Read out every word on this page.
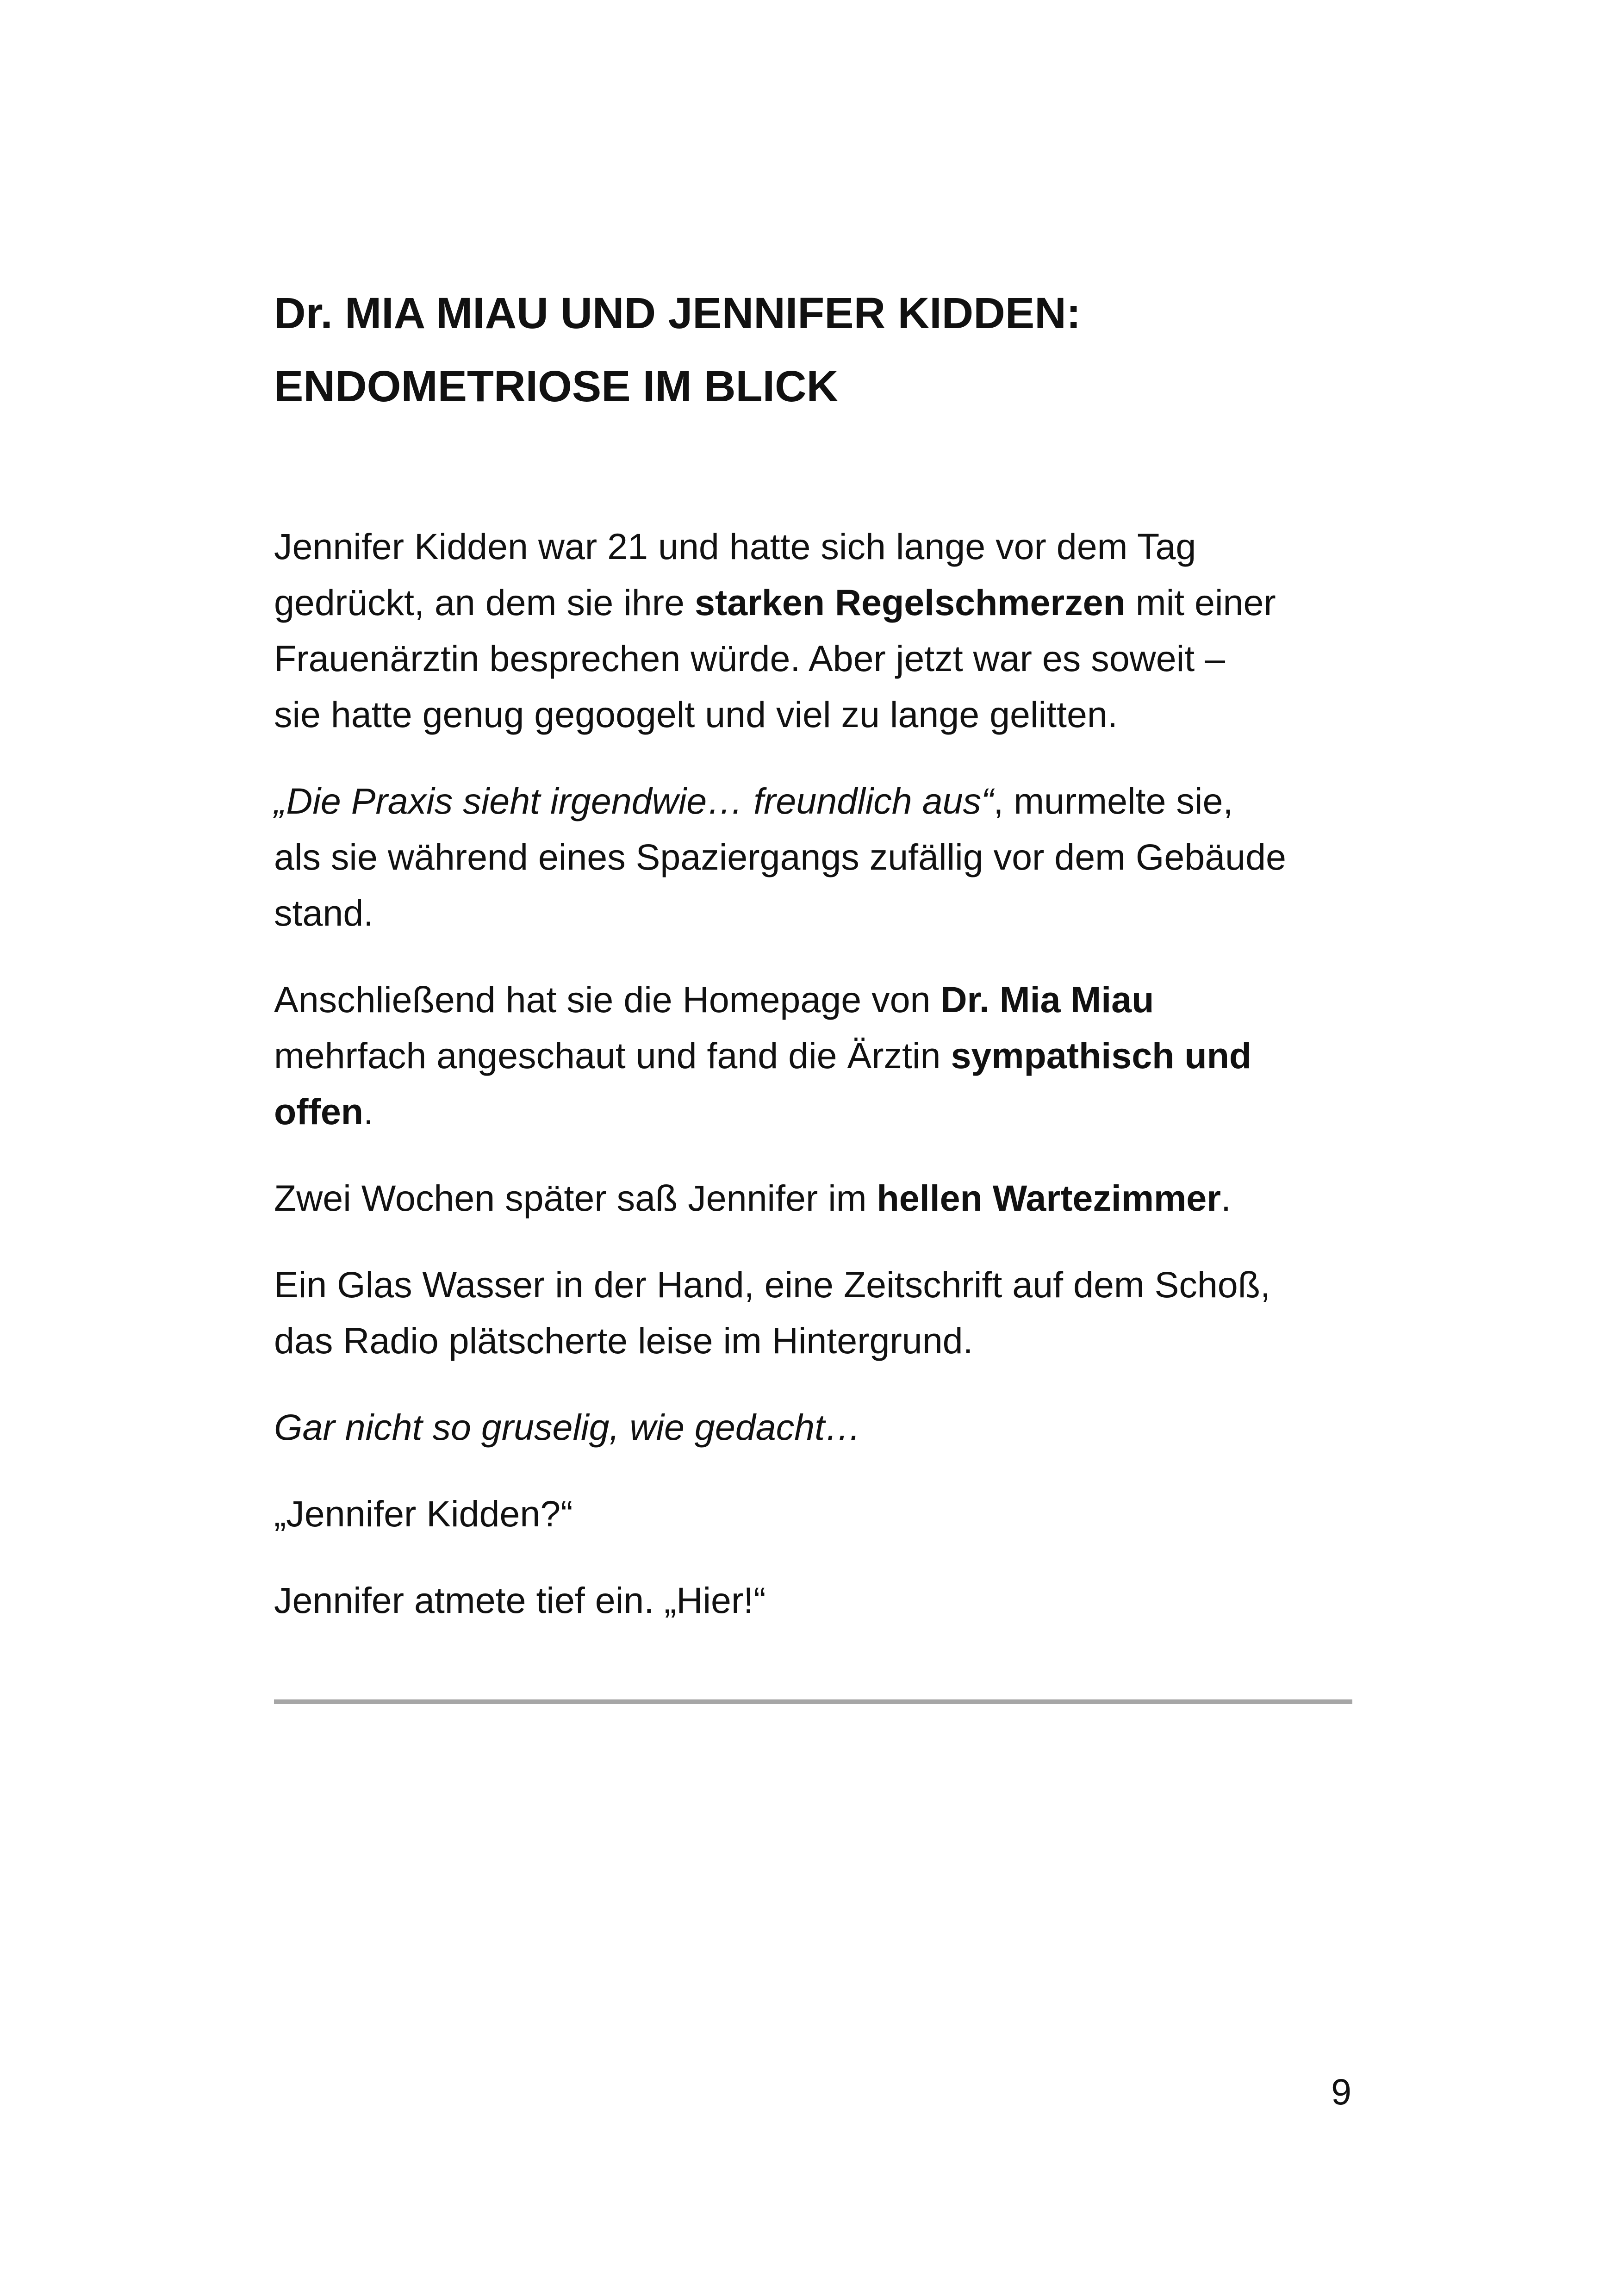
Dr. MIA MIAU UND JENNIFER KIDDEN:
ENDOMETRIOSE IM BLICK

Jennifer Kidden war 21 und hatte sich lange vor dem Tag
gedrückt, an dem sie ihre starken Regelschmerzen mit einer
Frauenärztin besprechen würde. Aber jetzt war es soweit –
sie hatte genug gegoogelt und viel zu lange gelitten.

„Die Praxis sieht irgendwie… freundlich aus“, murmelte sie,
als sie während eines Spaziergangs zufällig vor dem Gebäude
stand.

Anschließend hat sie die Homepage von Dr. Mia Miau
mehrfach angeschaut und fand die Ärztin sympathisch und
offen.

Zwei Wochen später saß Jennifer im hellen Wartezimmer.

Ein Glas Wasser in der Hand, eine Zeitschrift auf dem Schoß,
das Radio plätscherte leise im Hintergrund.

Gar nicht so gruselig, wie gedacht…

„Jennifer Kidden?“

Jennifer atmete tief ein. „Hier!“

9
